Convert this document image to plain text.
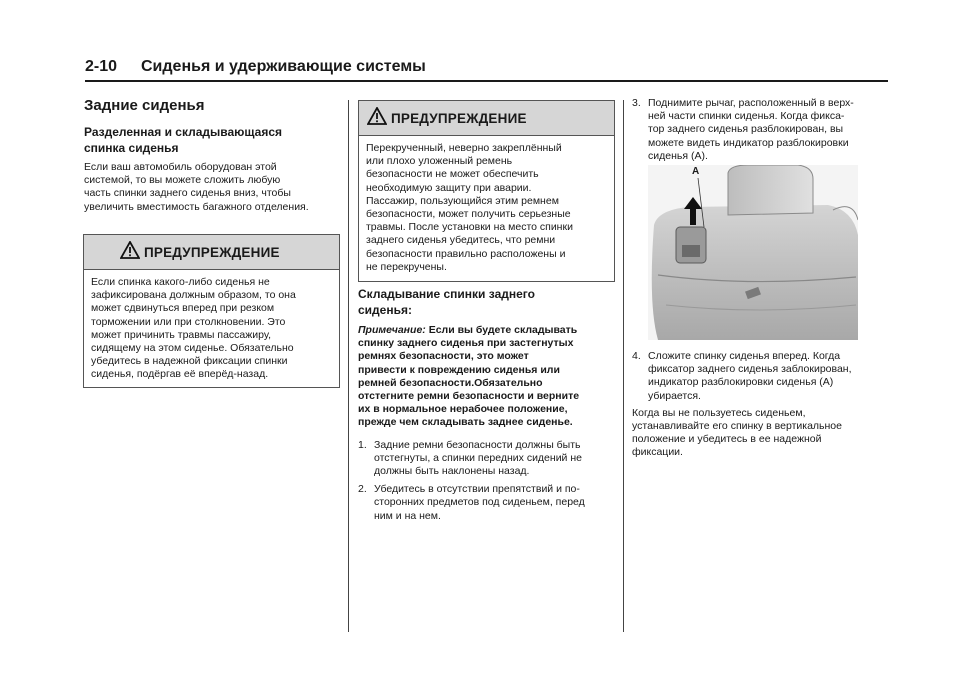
2-10 Сиденья и удерживающие системы
Задние сиденья
Разделенная и складывающаяся
спинка сиденья
Если ваш автомобиль оборудован этой
системой, то вы можете сложить любую
часть спинки заднего сиденья вниз, чтобы
увеличить вместимость багажного отделения.
ПРЕДУПРЕЖДЕНИЕ
Если спинка какого-либо сиденья не
зафиксирована должным образом, то она
может сдвинуться вперед при резком
торможении или при столкновении. Это
может причинить травмы пассажиру,
сидящему на этом сиденье. Обязательно
убедитесь в надежной фиксации спинки
сиденья, подёргав её вперёд-назад.
ПРЕДУПРЕЖДЕНИЕ
Перекрученный, неверно закреплённый
или плохо уложенный ремень
безопасности не может обеспечить
необходимую защиту при аварии.
Пассажир, пользующийся этим ремнем
безопасности, может получить серьезные
травмы. После установки на место спинки
заднего сиденья убедитесь, что ремни
безопасности правильно расположены и
не перекручены.
Складывание спинки заднего
сиденья:
Примечание: Если вы будете складывать
спинку заднего сиденья при застегнутых
ремнях безопасности, это может
привести к повреждению сиденья или
ремней безопасности.Обязательно
отстегните ремни безопасности и верните
их в нормальное нерабочее положение,
прежде чем складывать заднее сиденье.
1. Задние ремни безопасности должны быть
отстегнуты, а спинки передних сидений не
должны быть наклонены назад.
2. Убедитесь в отсутствии препятствий и по-
сторонних предметов под сиденьем, перед
ним и на нем.
3. Поднимите рычаг, расположенный в верх-
ней части спинки сиденья. Когда фикса-
тор заднего сиденья разблокирован, вы
можете видеть индикатор разблокировки
сиденья (А).
A
4. Сложите спинку сиденья вперед. Когда
фиксатор заднего сиденья заблокирован,
индикатор разблокировки сиденья (А)
убирается.
Когда вы не пользуетесь сиденьем,
устанавливайте его спинку в вертикальное
положение и убедитесь в ее надежной
фиксации.
